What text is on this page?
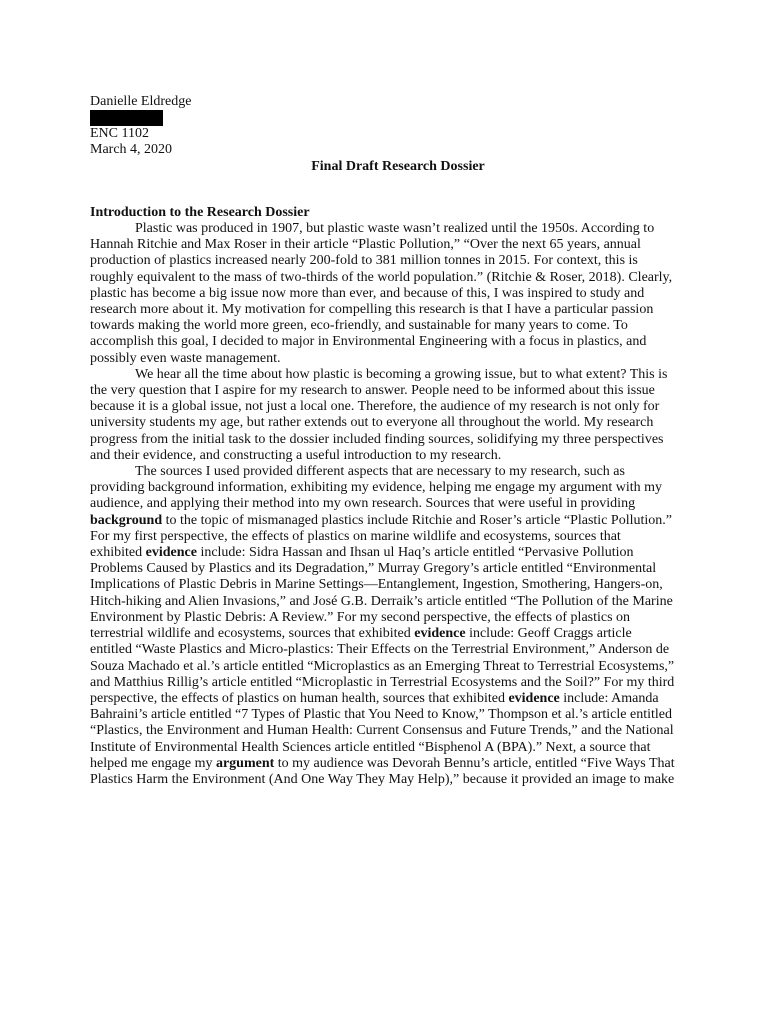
Danielle Eldredge

ENC 1102

March 4, 2020

Final Draft Research Dossier

Introduction to the Research Dossier

Plastic was produced in 1907, but plastic waste wasn’t realized until the 1950s. According to Hannah Ritchie and Max Roser in their article “Plastic Pollution,” “Over the next 65 years, annual production of plastics increased nearly 200-fold to 381 million tonnes in 2015. For context, this is roughly equivalent to the mass of two-thirds of the world population.” (Ritchie & Roser, 2018). Clearly, plastic has become a big issue now more than ever, and because of this, I was inspired to study and research more about it. My motivation for compelling this research is that I have a particular passion towards making the world more green, eco-friendly, and sustainable for many years to come. To accomplish this goal, I decided to major in Environmental Engineering with a focus in plastics, and possibly even waste management.

We hear all the time about how plastic is becoming a growing issue, but to what extent? This is the very question that I aspire for my research to answer. People need to be informed about this issue because it is a global issue, not just a local one. Therefore, the audience of my research is not only for university students my age, but rather extends out to everyone all throughout the world. My research progress from the initial task to the dossier included finding sources, solidifying my three perspectives and their evidence, and constructing a useful introduction to my research.

The sources I used provided different aspects that are necessary to my research, such as providing background information, exhibiting my evidence, helping me engage my argument with my audience, and applying their method into my own research. Sources that were useful in providing background to the topic of mismanaged plastics include Ritchie and Roser’s article “Plastic Pollution.” For my first perspective, the effects of plastics on marine wildlife and ecosystems, sources that exhibited evidence include: Sidra Hassan and Ihsan ul Haq’s article entitled “Pervasive Pollution Problems Caused by Plastics and its Degradation,” Murray Gregory’s article entitled “Environmental Implications of Plastic Debris in Marine Settings—Entanglement, Ingestion, Smothering, Hangers-on, Hitch-hiking and Alien Invasions,” and José G.B. Derraik’s article entitled “The Pollution of the Marine Environment by Plastic Debris: A Review.” For my second perspective, the effects of plastics on terrestrial wildlife and ecosystems, sources that exhibited evidence include: Geoff Craggs article entitled “Waste Plastics and Micro-plastics: Their Effects on the Terrestrial Environment,” Anderson de Souza Machado et al.’s article entitled “Microplastics as an Emerging Threat to Terrestrial Ecosystems,” and Matthius Rillig’s article entitled “Microplastic in Terrestrial Ecosystems and the Soil?” For my third perspective, the effects of plastics on human health, sources that exhibited evidence include: Amanda Bahraini’s article entitled “7 Types of Plastic that You Need to Know,” Thompson et al.’s article entitled “Plastics, the Environment and Human Health: Current Consensus and Future Trends,” and the National Institute of Environmental Health Sciences article entitled “Bisphenol A (BPA).” Next, a source that helped me engage my argument to my audience was Devorah Bennu’s article, entitled “Five Ways That Plastics Harm the Environment (And One Way They May Help),” because it provided an image to make
